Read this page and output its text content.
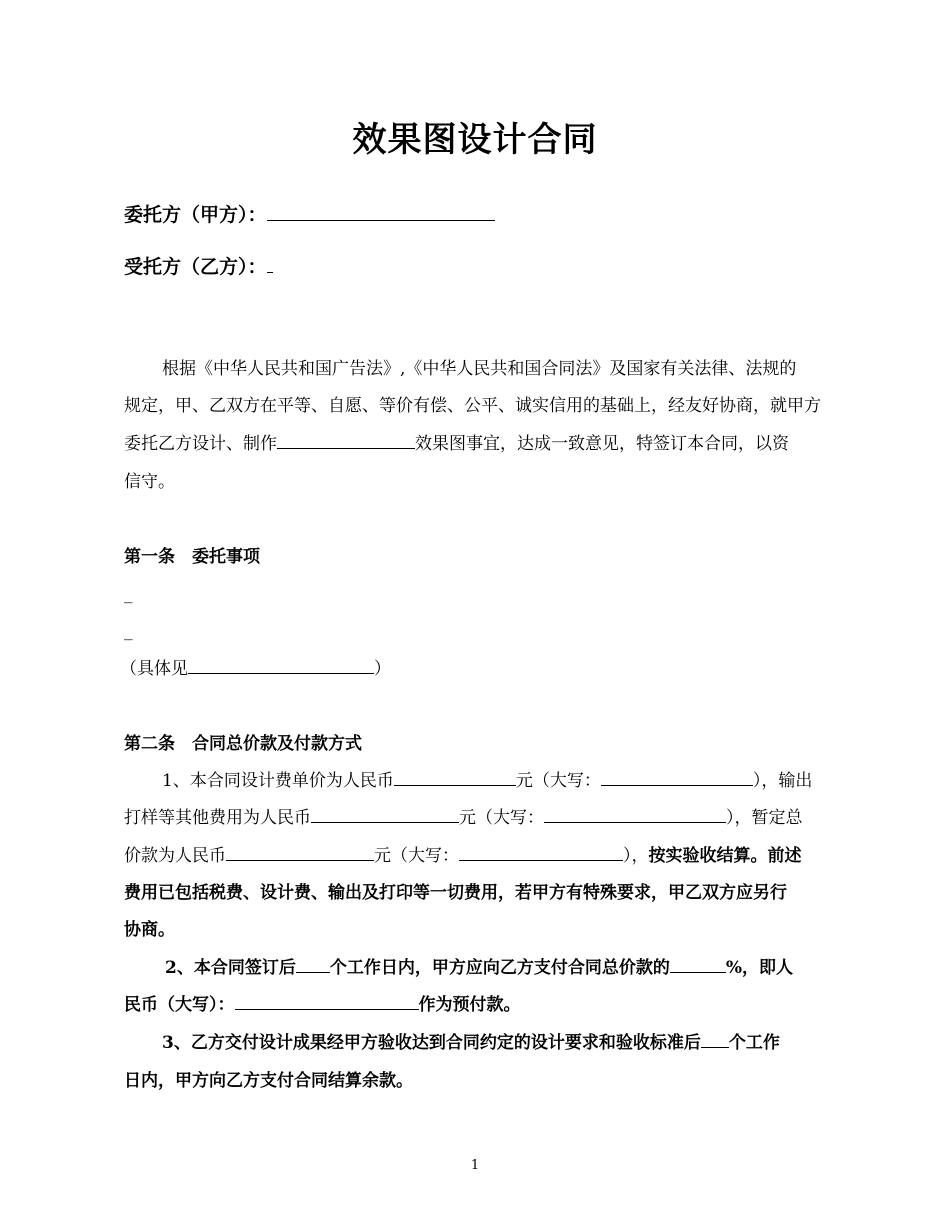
效果图设计合同
委托方（甲方）：
受托方（乙方）：
根据《中华人民共和国广告法》,《中华人民共和国合同法》及国家有关法律、法规的
规定，甲、乙双方在平等、自愿、等价有偿、公平、诚实信用的基础上，经友好协商，就甲方
委托乙方设计、制作	效果图事宜，达成一致意见，特签订本合同，以资
信守。
第一条　委托事项
_
_
（具体见	）
第二条　合同总价款及付款方式
1、本合同设计费单价为人民币	元（大写：	），输出
打样等其他费用为人民币	元（大写：	），暂定总
价款为人民币	元（大写：	），按实验收结算。前述
费用已包括税费、设计费、输出及打印等一切费用，若甲方有特殊要求，甲乙双方应另行
协商。
2、本合同签订后 个工作日内，甲方应向乙方支付合同总价款的	%，即人
民币（大写）：	作为预付款。
3、乙方交付设计成果经甲方验收达到合同约定的设计要求和验收标准后 个工作
日内，甲方向乙方支付合同结算余款。
1
